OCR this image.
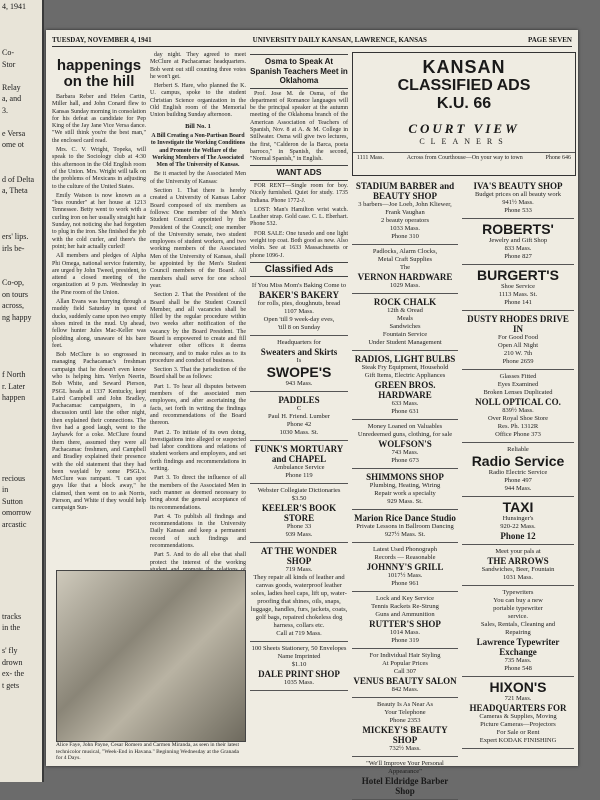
4, 1941
Co-
Stor
Relay
a, and
3.
e Versa
ome ot
d of Delta
a, Theta
ers' lips.
irls be-
Co-op,
on tours
across,
ng happy
f North
r. Later
happen
recious
in
Sutton
omorrow
arcastic
tracks
in the
s' fly
drown
ex- the
t gets
TUESDAY, NOVEMBER 4, 1941	UNIVERSITY DAILY KANSAN, LAWRENCE, KANSAS	PAGE SEVEN
happenings on the hill

Barbara Reber and Helen Cartin, Miller hall, and John Conard flew to Kansas Sunday morning in consolation for his defeat as candidate for Pep King of the Jay Jane Vice Versa dance. "We still think you're the best man," the enclosed card read.

Mrs. C. V. Wright, Topeka, will speak to the Sociology club at 4:30 this afternoon in the Old English room of the Union. Mrs. Wright will talk on the problems of Mexicans in adjusting to the culture of the United States.

Emily Watson is now known as a "bus rounder" at her house at 1213 Tennessee. Betty went to work with a curling iron on her usually straight hair Sunday, not noticing she had forgotten to plug in the iron. She finished the job with the cold curler, and there's the point; her hair actually curled!

All members and pledges of Alpha Phi Omega, national service fraternity, are urged by John Tweed, president, to attend a closed meeting of the organization at 9 p.m. Wednesday in the Pine room of the Union.

Allan Evans was hurrying through a muddy field Saturday in quest of ducks, suddenly came upon two empty shoes mired in the mud. Up ahead, fellow hunter Jules Mac-Keller was plodding along, unaware of his bare feet.

Bob McClure is so engrossed in managing Pachacamac's freshman campaign that he doesn't even know who is helping him. Verlyn Neerin, Bob White, and Seward Pierson, PSGL heads at 1337 Kentucky, kept Laird Campbell and John Bradley, Pachacamac campaigners, in a discussion until late the other night, then explained their connections. The five had a good laugh, went to the Jayhawk for a coke. McClure found them there, assumed they were all Pachacamac freshmen, and Campbell and Bradley explained their presence with the old statement that they had been waylaid by some PSGL's. McClure was rampant. "I can spot guys like that a block away," he claimed, then went on to ask Norris, Pierson, and White if they would help campaign Sun-

day night. They agreed to meet McClure at Pachacamac headquarters. Bob went out still counting three votes he won't get.

Herbert S. Hare, who planned the K. U. campus, spoke to the student Christian Science organization in the Old English room of the Memorial Union building Sunday afternoon.

Bill No. 1
A Bill Creating a Non-Partisan Board to Investigate the Working Conditions and Promote the Welfare of the Working Members of The Associated Men of The University of Kansas.

Be it enacted by the Associated Men of the University of Kansas:

Section 1. That there is hereby created a University of Kansas Labor Board composed of six members as follows: One member of the Men's Student Council appointed by the President of the Council; one member of the University senate, two student employees of student workers, and two working members of the Associated Men of the University of Kansas, shall be appointed by the Men's Student Council members of the Board. All members shall serve for one school year.

Section 2. That the President of the Board shall be the Student Council Member, and all vacancies shall be filled by the regular procedure within two weeks after notification of the vacancy by the Board President. The Board is empowered to create and fill whatever other offices it deems necessary, and to make rules as to its procedure and conduct of business.

Section 3. That the jurisdiction of the Board shall be as follows:

Part 1. To hear all disputes between members of the associated men employees, and after ascertaining the facts, set forth in writing the findings and recommendations of the Board thereon.

Part 2. To initiate of its own doing, investigations into alleged or suspected bad labor conditions and relations of student workers and employers, and set forth findings and recommendations in writing.

Part 3. To direct the influence of all the members of the Associated Men in such manner as deemed necessary to bring about the general acceptance of its recommendations.

Part 4. To publish all findings and recommendations in the University Daily Kansan and keep a permanent record of such findings and recommendations.

Part 5. And to do all else that shall protect the interest of the working

Alice Faye, John Payne, Cesar Romero and Carmen Miranda, as seen in their latest technicolor musical, "Week-End in Havana." Beginning Wednesday at the Granada for 4 Days.
Osma to Speak At Spanish Teachers Meet in Oklahoma

Prof. Jose M. de Osma, of the department of Romance languages will be the principal speaker at the autumn meeting of the Oklahoma branch of the American Association of Teachers of Spanish, Nov. 8 at A. & M. College in Stillwater. Osma will give two lectures, the first, "Calderon de la Barca, poeta barroco," in Spanish, the second, "Normal Spanish," in English.

WANT ADS

FOR RENT—Single room for boy. Nicely furnished. Quiet for study. 1735 Indiana. Phone 1772-J.

LOST: Man's Hamilton wrist watch. Leather strap. Gold case. C. L. Eberhart. Phone 532.

FOR SALE: One tuxedo and one light weight top coat. Both good as new. Also violin. See at 1633 Massachusetts or phone 1096-J.

Classified Ads
If You Miss Mom's Baking Come to
BAKER'S BAKERY
for rolls, pies, doughnuts, bread
1107 Mass.
Open 'till 9 week-day eves,
'till 8 on Sunday
Headquarters for
Sweaters and Skirts
Is
SWOPE'S
943 Mass.
PADDLES
C
Paul H. Friend. Lumber
Phone 42
1030 Mass. St.
FUNK'S MORTUARY
and CHAPEL
Ambulance Service
Phone 119
Webster Collegiate Dictionaries
$3.50
KEELER'S BOOK STORE
Phone 33
939 Mass.
AT THE WONDER SHOP
719 Mass.
They repair all kinds of leather and canvas goods, waterproof leather soles, ladies heel caps, lift up, water-proofing that shines, oils, snaps, luggage, handles, furs, jackets, coats, golf bags, repaired chokeless dog harness, collars etc.
Call at 719 Mass.
100 Sheets Stationery, 50 Envelopes
Name Imprinted
$1.10
DALE PRINT SHOP
1035 Mass.
KANSAN
CLASSIFIED ADS
K.U. 66
COURT VIEW
CLEANERS
1111 Mass.	Across from Courthouse—On your way to town	Phone 646
STADIUM BARBER and
BEAUTY SHOP
3 barbers—Joe Loeb, John Kliewer,
Frank Vaughan
2 beauty operators
1033 Mass.
Phone 310
Padlocks, Alarm Clocks,
Metal Craft Supplies
The
VERNON HARDWARE
1029 Mass.
ROCK CHALK
12th & Oread
Meals
Sandwiches
Fountain Service
Under Student Management
RADIOS, LIGHT BULBS
Steak Fry Equipment, Household
Gift Items, Electric Appliances
GREEN BROS. HARDWARE
633 Mass.
Phone 631
Money Loaned on Valuables
Unredeemed guns, clothing, for sale
WOLFSON'S
743 Mass.
Phone 673
SHIMMONS SHOP
Plumbing, Heating, Wiring
Repair work a specialty
929 Mass. St.
Marion Rice Dance Studio
Private Lessons in Ballroom Dancing
927½ Mass. St.
Latest Used Phonograph
Records — Reasonable
JOHNNY'S GRILL
1017½ Mass.
Phone 961
Lock and Key Service
Tennis Rackets Re-Strung
Guns and Ammunition
RUTTER'S SHOP
1014 Mass.
Phone 319
For Individual Hair Styling
At Popular Prices
Call 307
VENUS BEAUTY SALON
842 Mass.
Beauty Is As Near As
Your Telephone
Phone 2353
MICKEY'S BEAUTY SHOP
732½ Mass.
"We'll Improve Your Personal
Appearance"
Hotel Eldridge Barber Shop
IVA'S BEAUTY SHOP
Budget prices on all beauty work
941½ Mass.
Phone 533
ROBERTS'
Jewelry and Gift Shop
833 Mass.
Phone 827
BURGERT'S
Shoe Service
1113 Mass. St.
Phone 141
DUSTY RHODES DRIVE IN
For Good Food
Open All Night
210 W. 7th
Phone 2659
Glasses Fitted
Eyes Examined
Broken Lenses Duplicated
NOLL OPTICAL CO.
839½ Mass.
Over Royal Shoe Store
Res. Ph. 1312R
Office Phone 373
Reliable
Radio Service
Radio Electric Service
Phone 497
944 Mass.
TAXI
Hunsinger's
920-22 Mass.
Phone 12
Meet your pals at
THE ARROWS
Sandwiches, Beer, Fountain
1031 Mass.
Typewriters
You can buy a new
portable typewriter
service.
Sales, Rentals, Cleaning and
Repairing
Lawrence Typewriter Exchange
735 Mass.
Phone 548
HIXON'S
721 Mass.
HEADQUARTERS FOR
Cameras & Supplies, Moving
Picture Cameras—Projectors
For Sale or Rent
Expert KODAK FINISHING
